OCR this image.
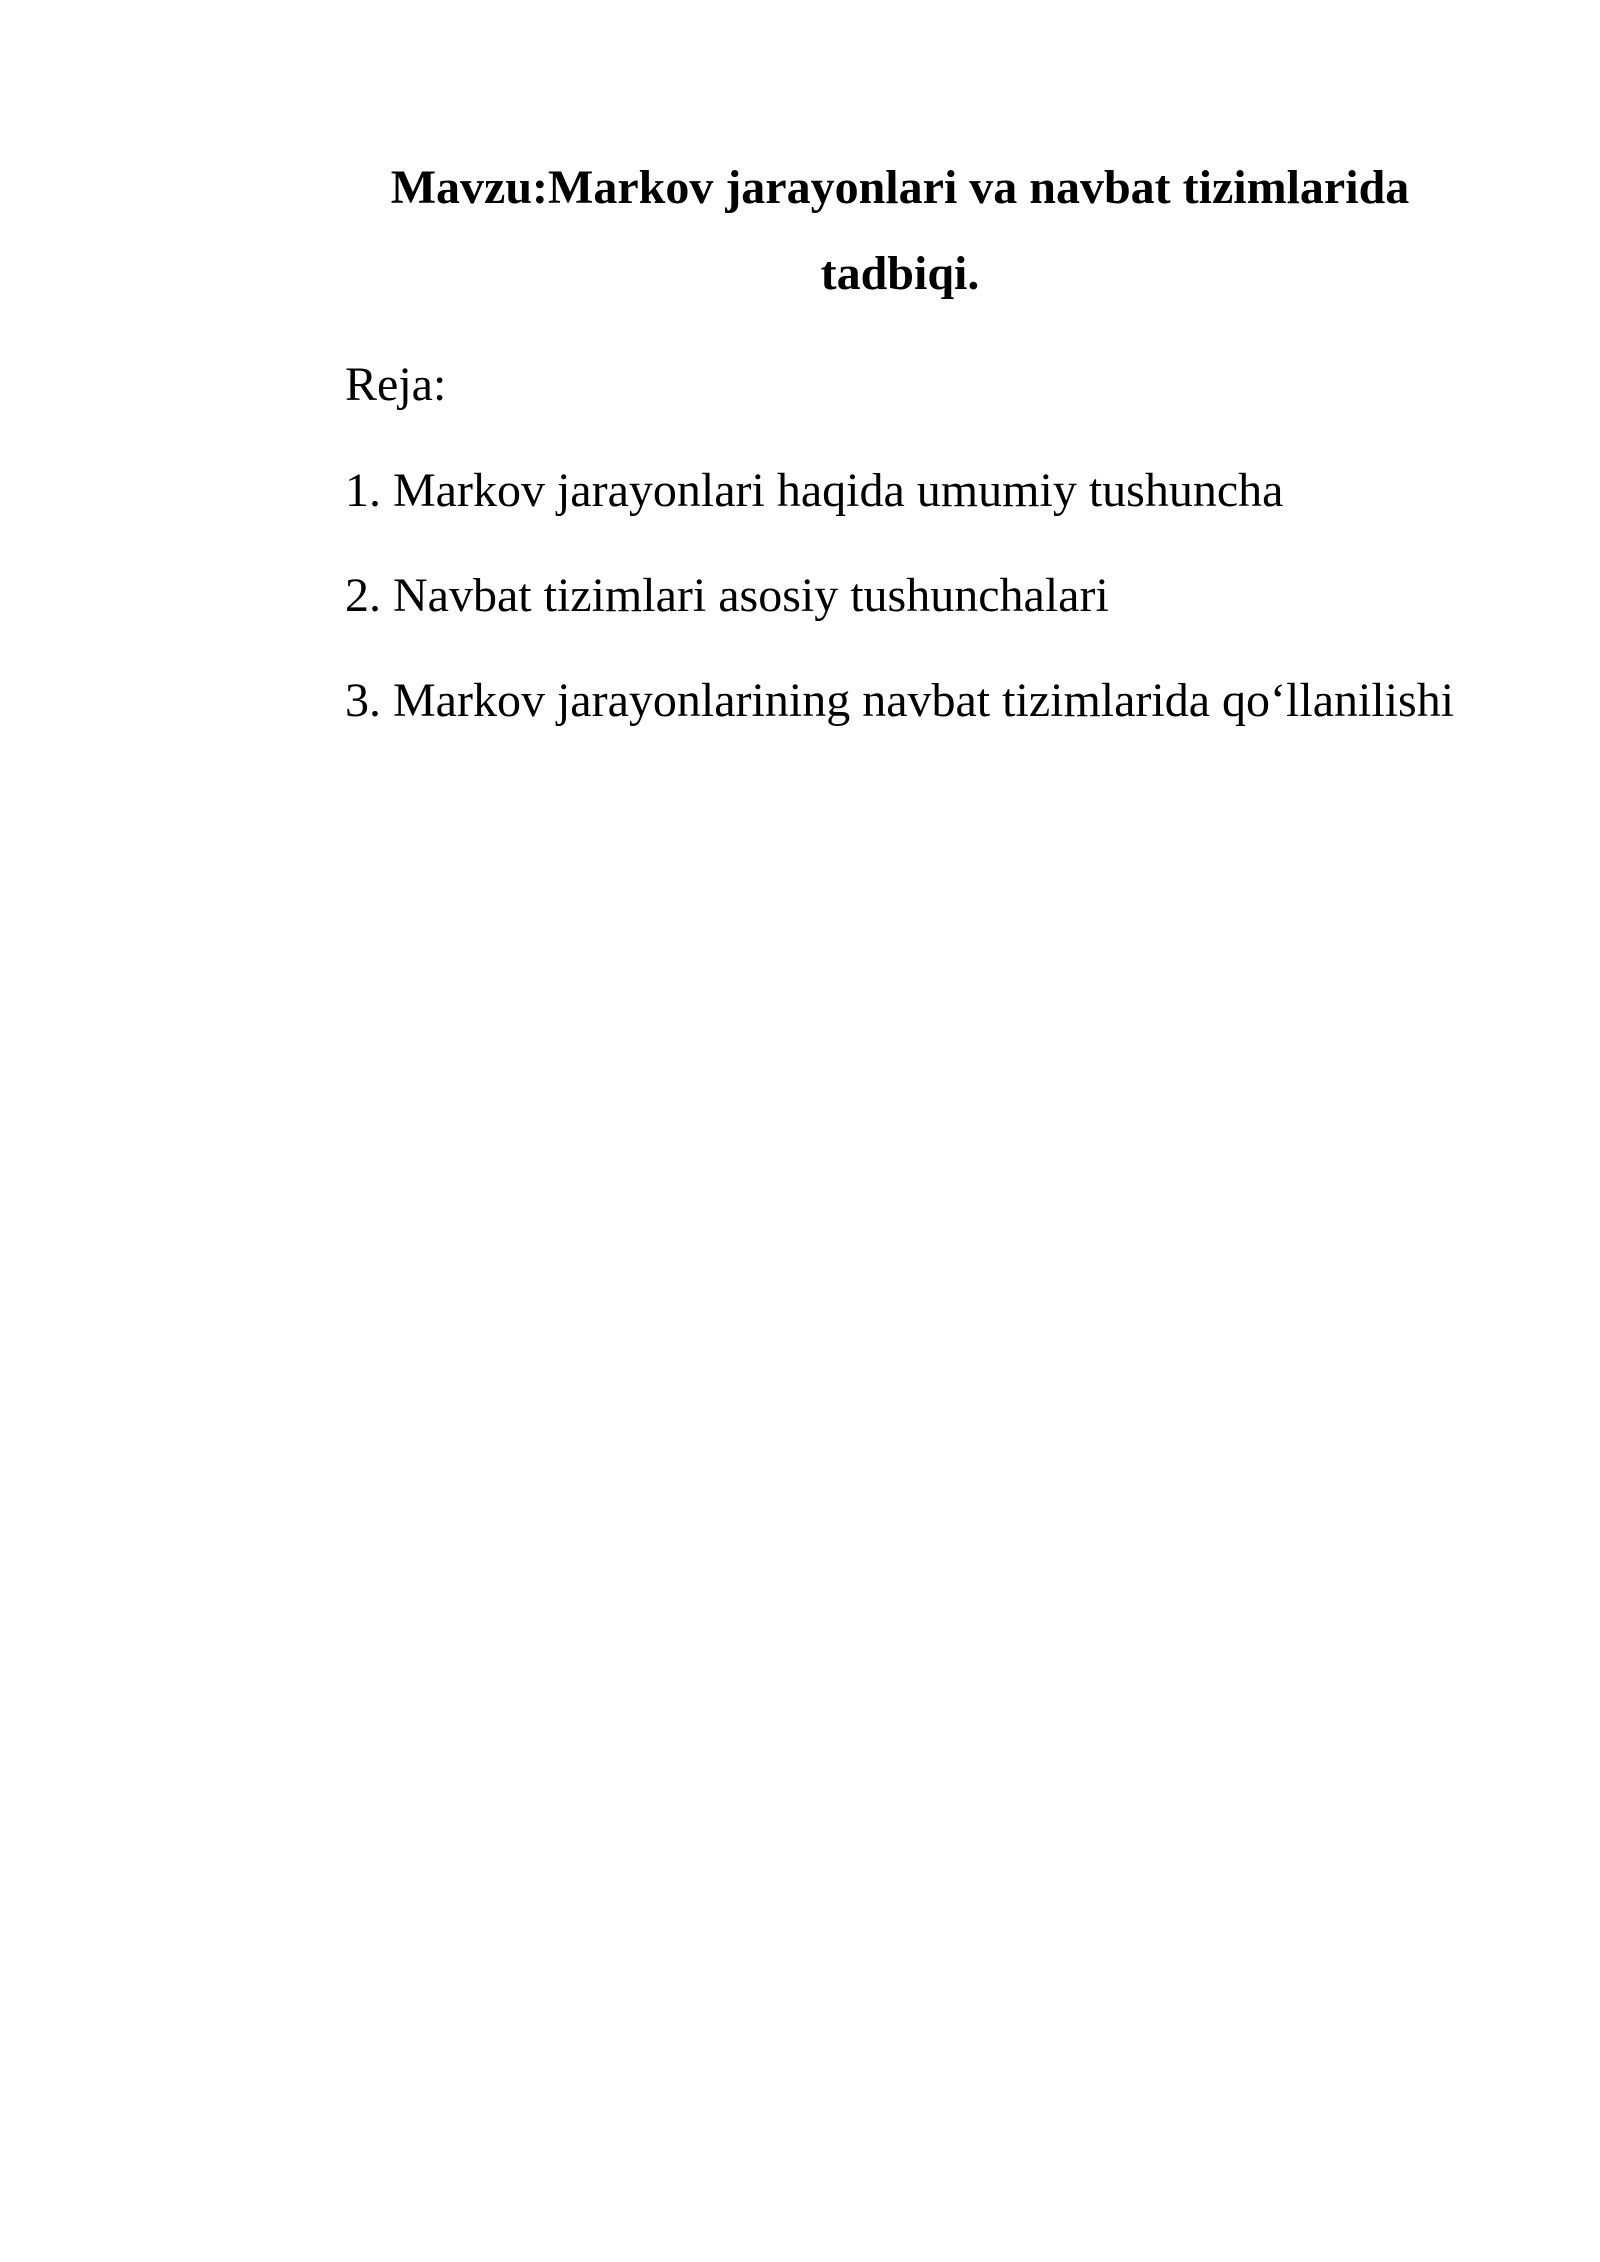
Mavzu:Markov jarayonlari va navbat tizimlarida
tadbiqi.
Reja:
1. Markov jarayonlari haqida umumiy tushuncha
2. Navbat tizimlari asosiy tushunchalari
3. Markov jarayonlarining navbat tizimlarida qo‘llanilishi
